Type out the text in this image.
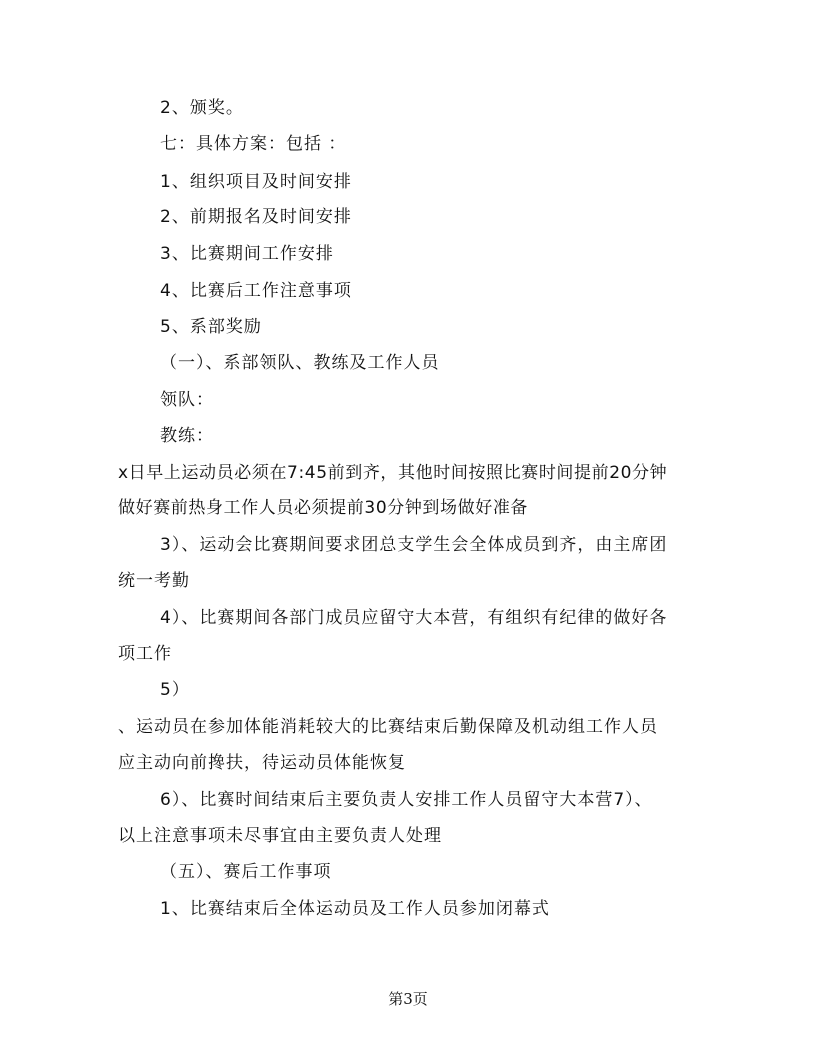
2、颁奖。
七：具体方案：包括 ：
1、组织项目及时间安排
2、前期报名及时间安排
3、比赛期间工作安排
4、比赛后工作注意事项
5、系部奖励
（一）、系部领队、教练及工作人员
领队：
教练：
x日早上运动员必须在7:45前到齐，其他时间按照比赛时间提前20分钟
做好赛前热身工作人员必须提前30分钟到场做好准备
3）、运动会比赛期间要求团总支学生会全体成员到齐，由主席团
统一考勤
4）、比赛期间各部门成员应留守大本营，有组织有纪律的做好各
项工作
5）
、运动员在参加体能消耗较大的比赛结束后勤保障及机动组工作人员
应主动向前搀扶，待运动员体能恢复
6）、比赛时间结束后主要负责人安排工作人员留守大本营7）、
以上注意事项未尽事宜由主要负责人处理
（五）、赛后工作事项
1、比赛结束后全体运动员及工作人员参加闭幕式
第3页
